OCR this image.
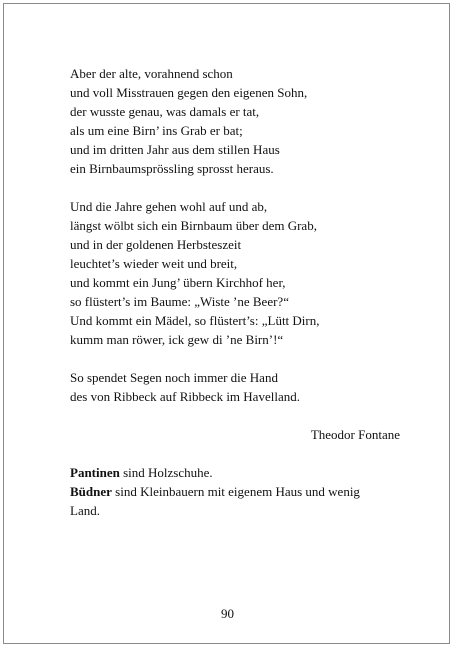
Aber der alte, vorahnend schon
und voll Misstrauen gegen den eigenen Sohn,
der wusste genau, was damals er tat,
als um eine Birn’ ins Grab er bat;
und im dritten Jahr aus dem stillen Haus
ein Birnbaumsprössling sprosst heraus.
Und die Jahre gehen wohl auf und ab,
längst wölbt sich ein Birnbaum über dem Grab,
und in der goldenen Herbsteszeit
leuchtet’s wieder weit und breit,
und kommt ein Jung’ übern Kirchhof her,
so flüstert’s im Baume: „Wiste ’ne Beer?“
Und kommt ein Mädel, so flüstert’s: „Lütt Dirn,
kumm man röwer, ick gew di ’ne Birn’!“
So spendet Segen noch immer die Hand
des von Ribbeck auf Ribbeck im Havelland.
Theodor Fontane
Pantinen sind Holzschuhe.
Büdner sind Kleinbauern mit eigenem Haus und wenig Land.
90
